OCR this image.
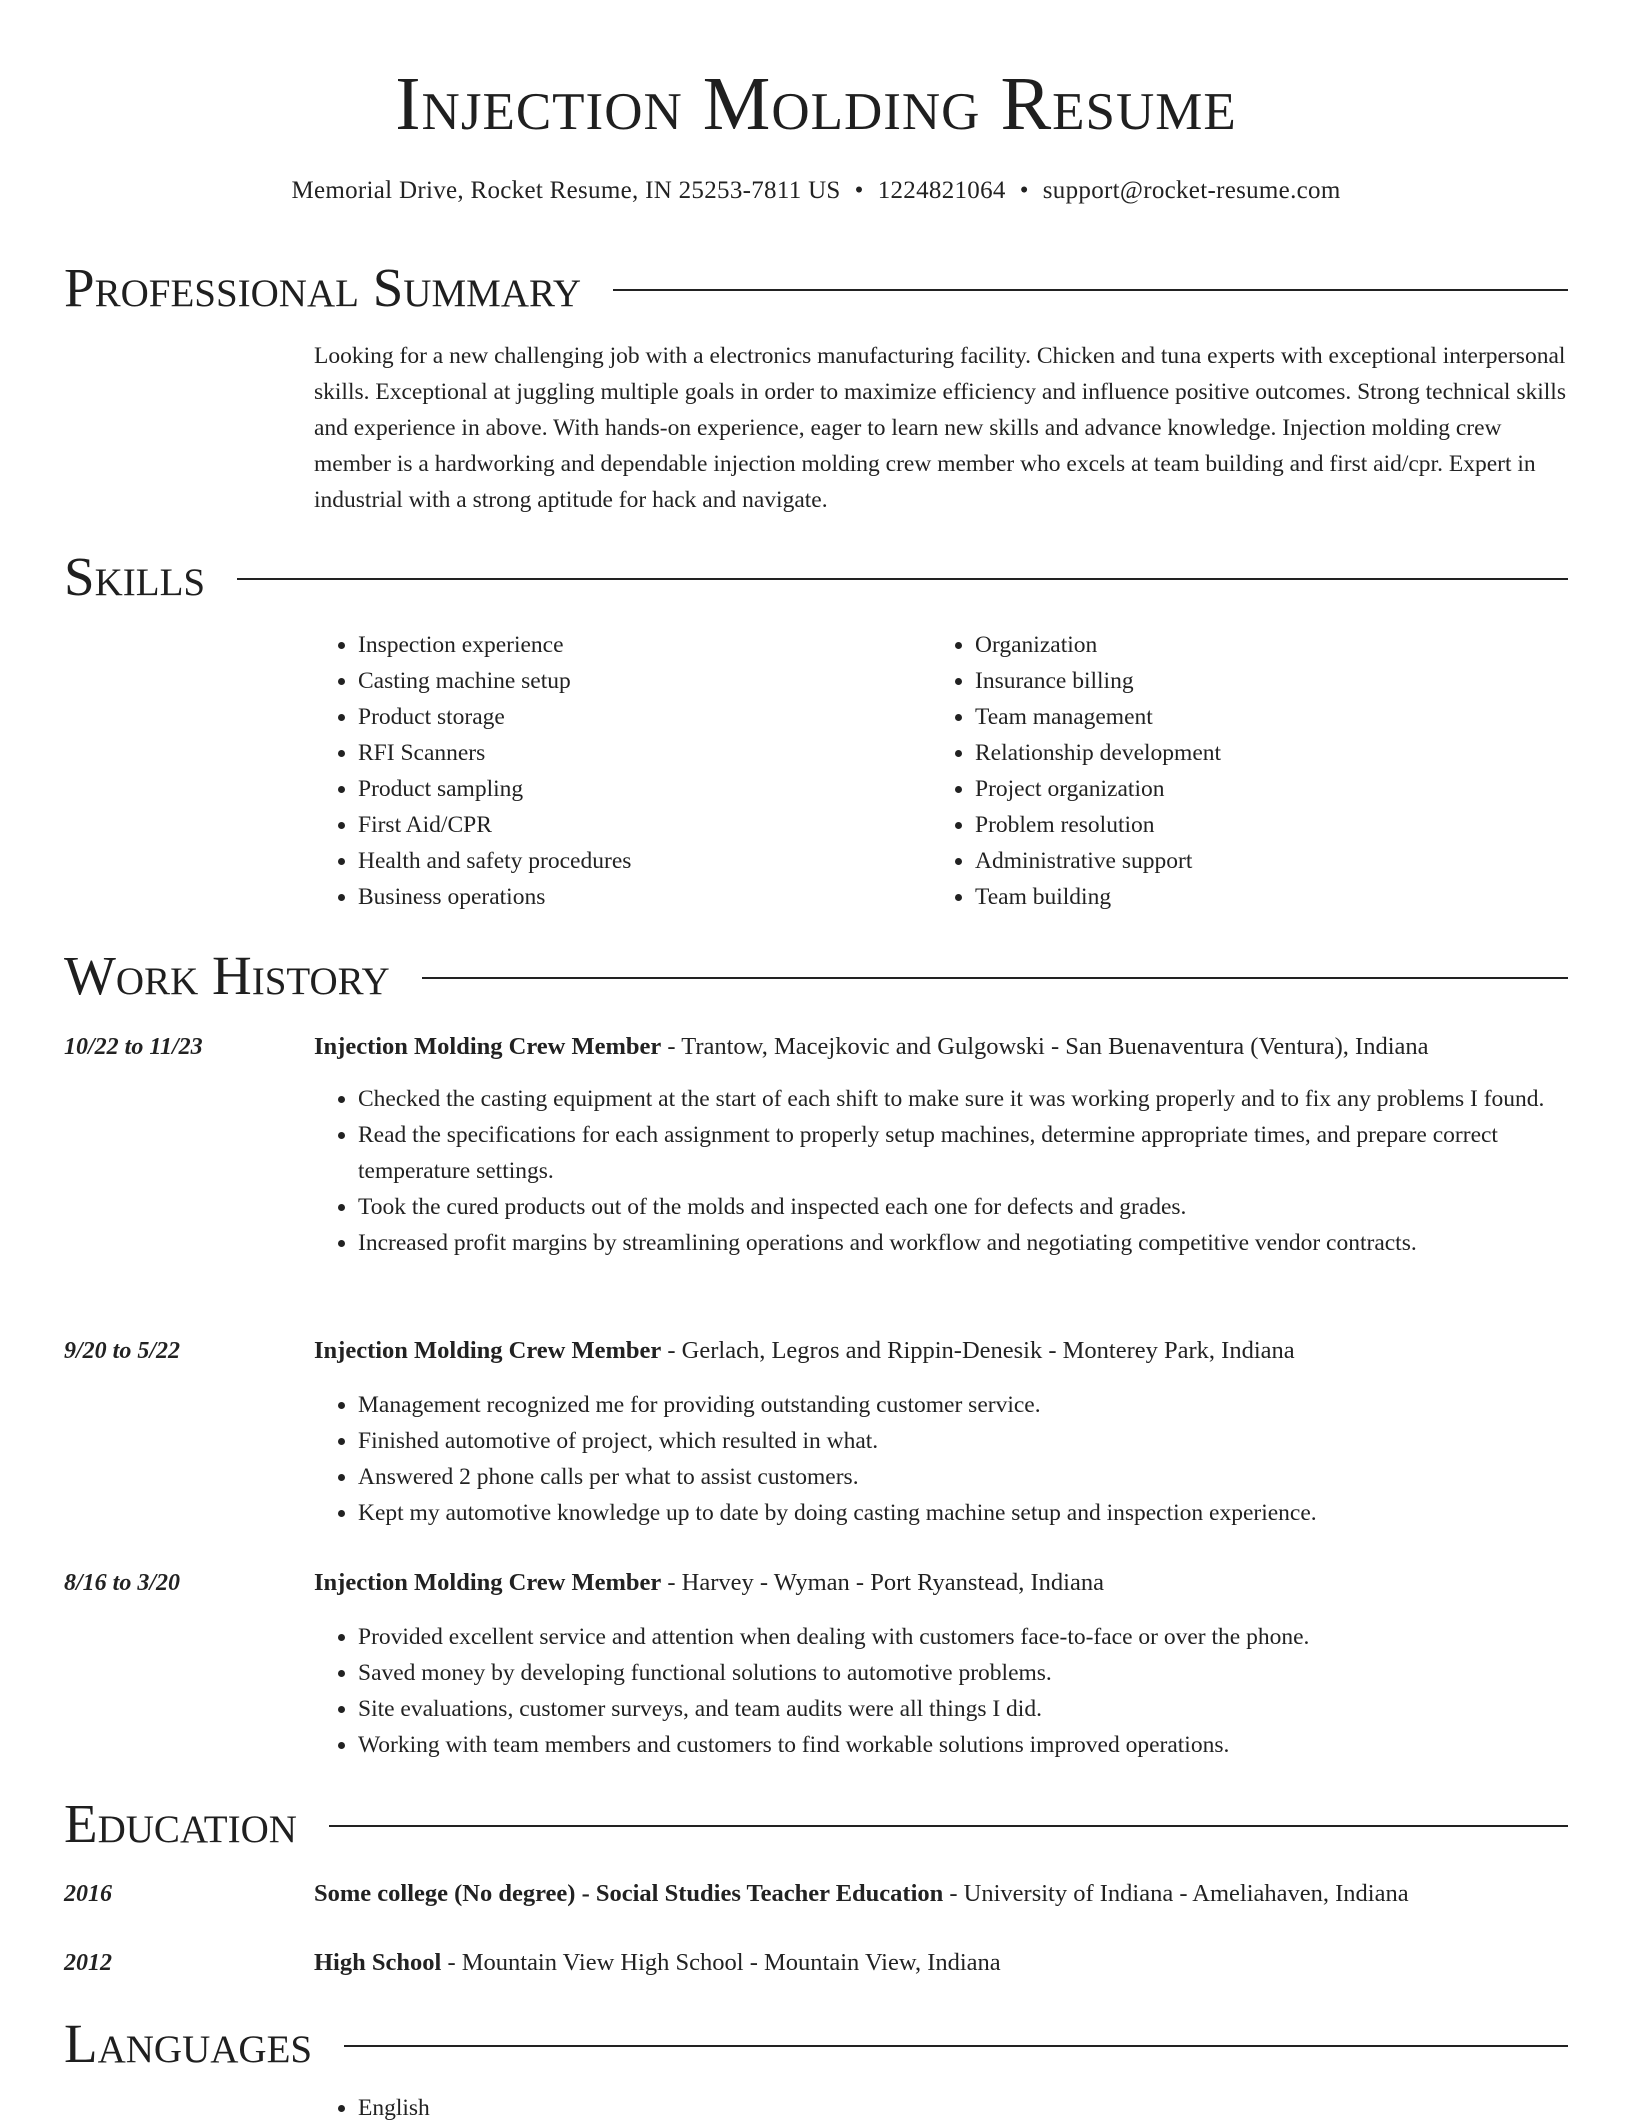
Injection Molding Resume
Memorial Drive, Rocket Resume, IN 25253-7811 US • 1224821064 • support@rocket-resume.com
Professional Summary

Looking for a new challenging job with a electronics manufacturing facility. Chicken and tuna experts with exceptional interpersonal skills. Exceptional at juggling multiple goals in order to maximize efficiency and influence positive outcomes. Strong technical skills and experience in above. With hands-on experience, eager to learn new skills and advance knowledge. Injection molding crew member is a hardworking and dependable injection molding crew member who excels at team building and first aid/cpr. Expert in industrial with a strong aptitude for hack and navigate.

Skills
• Inspection experience
• Casting machine setup
• Product storage
• RFI Scanners
• Product sampling
• First Aid/CPR
• Health and safety procedures
• Business operations
• Organization
• Insurance billing
• Team management
• Relationship development
• Project organization
• Problem resolution
• Administrative support
• Team building
Work History
10/22 to 11/23	Injection Molding Crew Member - Trantow, Macejkovic and Gulgowski - San Buenaventura (Ventura), Indiana
• Checked the casting equipment at the start of each shift to make sure it was working properly and to fix any problems I found.
• Read the specifications for each assignment to properly setup machines, determine appropriate times, and prepare correct temperature settings.
• Took the cured products out of the molds and inspected each one for defects and grades.
• Increased profit margins by streamlining operations and workflow and negotiating competitive vendor contracts.
9/20 to 5/22	Injection Molding Crew Member - Gerlach, Legros and Rippin-Denesik - Monterey Park, Indiana
• Management recognized me for providing outstanding customer service.
• Finished automotive of project, which resulted in what.
• Answered 2 phone calls per what to assist customers.
• Kept my automotive knowledge up to date by doing casting machine setup and inspection experience.
8/16 to 3/20	Injection Molding Crew Member - Harvey - Wyman - Port Ryanstead, Indiana
• Provided excellent service and attention when dealing with customers face-to-face or over the phone.
• Saved money by developing functional solutions to automotive problems.
• Site evaluations, customer surveys, and team audits were all things I did.
• Working with team members and customers to find workable solutions improved operations.
Education
2016	Some college (No degree) - Social Studies Teacher Education - University of Indiana - Ameliahaven, Indiana
2012	High School - Mountain View High School - Mountain View, Indiana
Languages
• English
